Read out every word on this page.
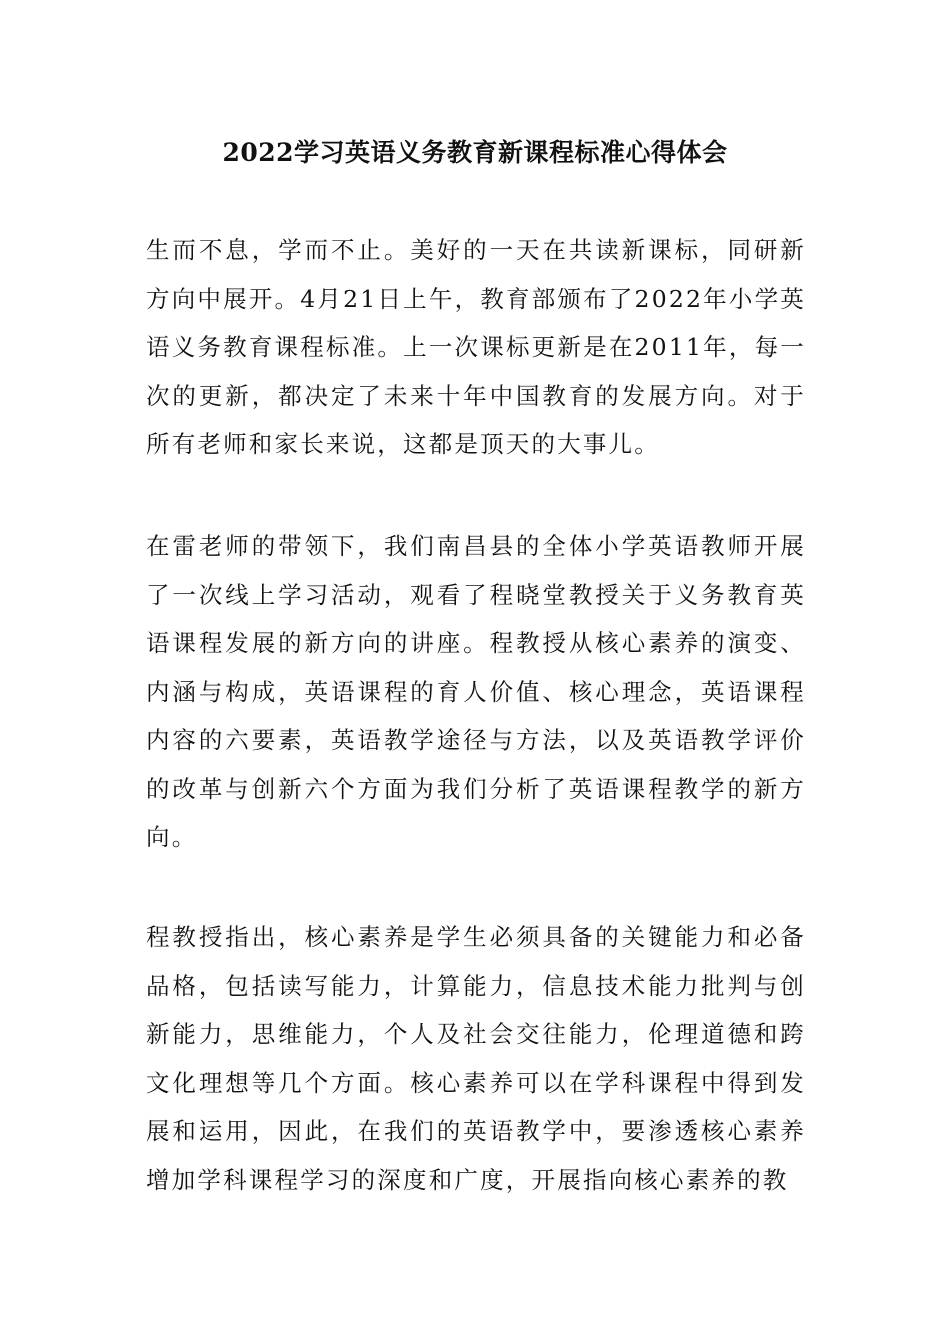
2022学习英语义务教育新课程标准心得体会

生而不息，学而不止。美好的一天在共读新课标，同研新方向中展开。4月21日上午，教育部颁布了2022年小学英语义务教育课程标准。上一次课标更新是在2011年，每一次的更新，都决定了未来十年中国教育的发展方向。对于所有老师和家长来说，这都是顶天的大事儿。

在雷老师的带领下，我们南昌县的全体小学英语教师开展了一次线上学习活动，观看了程晓堂教授关于义务教育英语课程发展的新方向的讲座。程教授从核心素养的演变、内涵与构成，英语课程的育人价值、核心理念，英语课程内容的六要素，英语教学途径与方法，以及英语教学评价的改革与创新六个方面为我们分析了英语课程教学的新方向。

程教授指出，核心素养是学生必须具备的关键能力和必备品格，包括读写能力，计算能力，信息技术能力批判与创新能力，思维能力，个人及社会交往能力，伦理道德和跨文化理想等几个方面。核心素养可以在学科课程中得到发展和运用，因此，在我们的英语教学中，要渗透核心素养增加学科课程学习的深度和广度，开展指向核心素养的教
